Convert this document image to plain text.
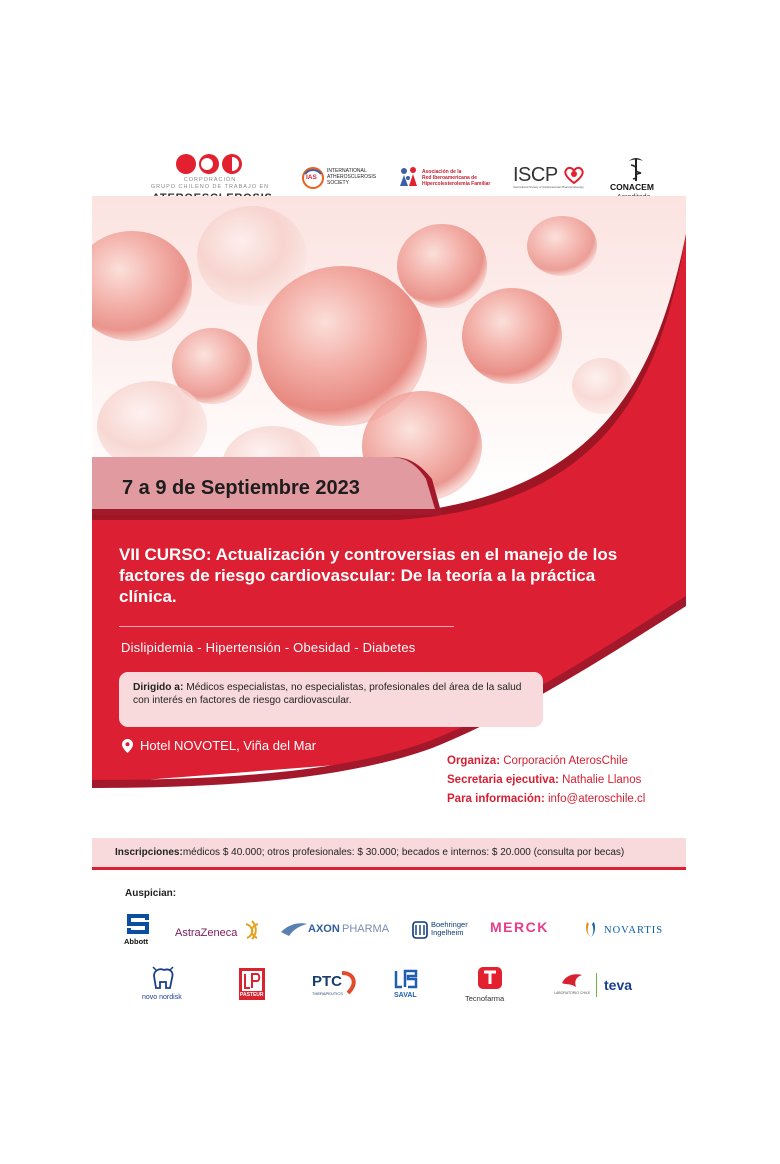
CORPORACIÓN
GRUPO CHILENO DE TRABAJO EN
IAS
INTERNATIONAL
ATHEROSCLEROSIS
SOCIETY
Asociación de la
Red Iberoamericana de
Hipercolesterolemia Familiar ISCP
International Society of Cardiovascular Pharmacotherapy	CONACEM
7 a 9 de Septiembre 2023
VII CURSO: Actualización y controversias en el manejo de los factores de riesgo cardiovascular: De la teoría a la práctica clínica.
Dislipidemia - Hipertensión - Obesidad - Diabetes
Dirigido a: Médicos especialistas, no especialistas, profesionales del área de la salud con interés en factores de riesgo cardiovascular.
Hotel NOVOTEL, Viña del Mar
Organiza: Corporación AterosChile
Secretaria ejecutiva: Nathalie Llanos
Para información: info@ateroschile.cl
Inscripciones: médicos $ 40.000; otros profesionales: $ 30.000; becados e internos: $ 20.000 (consulta por becas)
Auspician:
Abbott
AstraZeneca	AXON PHARMA	Boehringer
Ingelheim MERCK	NOVARTIS
novo nordisk	PASTEUR
PTC
THERAPEUTICS	SAVAL	Tecnofarma
LABORATORIO CHILE teva
